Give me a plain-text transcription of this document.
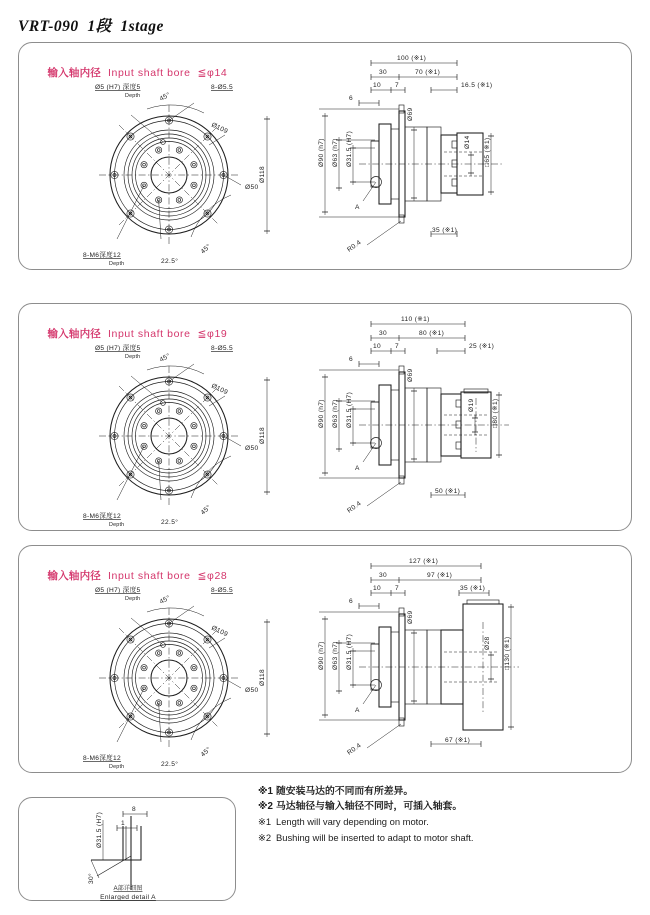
VRT-090  1段  1stage

输入轴内径 Input shaft bore ≦φ14

Ø118
Ø5 (H7) 深度5
Depth
8-Ø5.5
Ø109
Ø50
45°
45°
22.5°
8-M6深度12
Depth
100 (※1)
30	70 (※1)
10 7	16.5 (※1)
6
Ø90 (h7) Ø63 (h7) Ø31.5 (H7)
Ø69
Ø14 □65 (※1)
35 (※1)
R0.4
A

输入轴内径 Input shaft bore ≦φ19

Ø118
Ø5 (H7) 深度5
Depth
8-Ø5.5
Ø109
Ø50
45°
45°
22.5°
8-M6深度12
Depth
110 (※1)
30	80 (※1)
10 7	25 (※1)
6
Ø90 (h7) Ø63 (h7) Ø31.5 (H7)
Ø69
Ø19	□80 (※1)
50 (※1)
R0.4
A

输入轴内径 Input shaft bore ≦φ28

Ø118
Ø5 (H7) 深度5
Depth
8-Ø5.5
Ø109
Ø50
45°
45°
22.5°
8-M6深度12
Depth
127 (※1)
30	97 (※1)
10 7	35 (※1)
6
Ø90 (h7) Ø63 (h7) Ø31.5 (H7)
Ø69
Ø28 □130 (※1)
67 (※1)
R0.4
A
8
1
Ø31.5 (H7)
30°
A部详细图
Enlarged detail A
※1 随安装马达的不同而有所差异。
※2 马达轴径与输入轴径不同时，可插入轴套。
※1 Length will vary depending on motor.
※2 Bushing will be inserted to adapt to motor shaft.
